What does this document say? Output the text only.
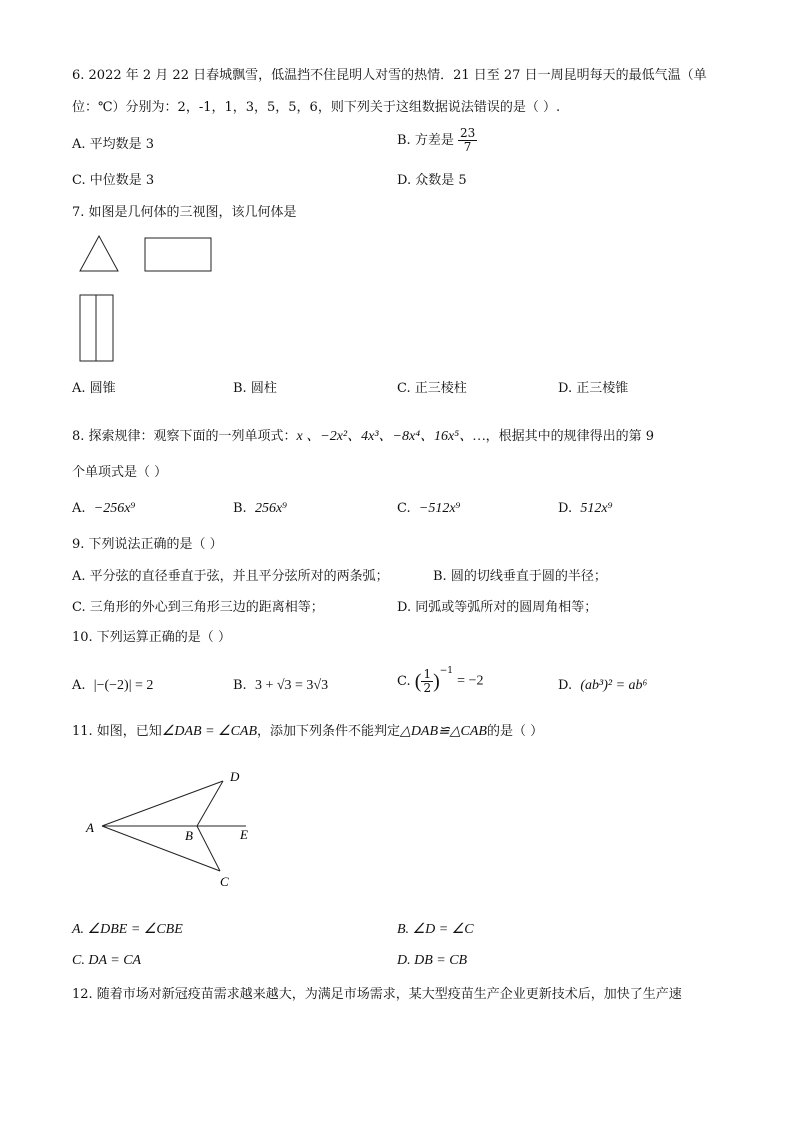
6. 2022 年 2 月 22 日春城飘雪，低温挡不住昆明人对雪的热情．21 日至 27 日一周昆明每天的最低气温（单
位：℃）分别为：2，-1，1，3，5，5，6，则下列关于这组数据说法错误的是（ ）.
A. 平均数是 3	B. 方差是 $\frac{23}{7}$
C. 中位数是 3	D. 众数是 5
7. 如图是几何体的三视图，该几何体是
A. 圆锥	B. 圆柱	C. 正三棱柱	D. 正三棱锥
8. 探索规律：观察下面的一列单项式：x 、−2x²、4x³、−8x⁴、16x⁵、…，根据其中的规律得出的第 9
个单项式是（ ）
A. −256x⁹	B. 256x⁹	C. −512x⁹	D. 512x⁹
9. 下列说法正确的是（ ）
A. 平分弦的直径垂直于弦，并且平分弦所对的两条弧；	B. 圆的切线垂直于圆的半径；
C. 三角形的外心到三角形三边的距离相等；	D. 同弧或等弧所对的圆周角相等；
10. 下列运算正确的是（ ）
A. |−(−2)| = 2	B. 3 + √3 = 3√3	C. ( $\frac{1}{2} )^{-1} = -2$	D. (ab³)² = ab⁶
11. 如图，已知∠DAB = ∠CAB，添加下列条件不能判定△DAB≌△CAB的是（ ）
A
B
C
D
E
A. ∠DBE = ∠CBE	B. ∠D = ∠C
C. DA = CA	D. DB = CB
12. 随着市场对新冠疫苗需求越来越大，为满足市场需求，某大型疫苗生产企业更新技术后，加快了生产速
